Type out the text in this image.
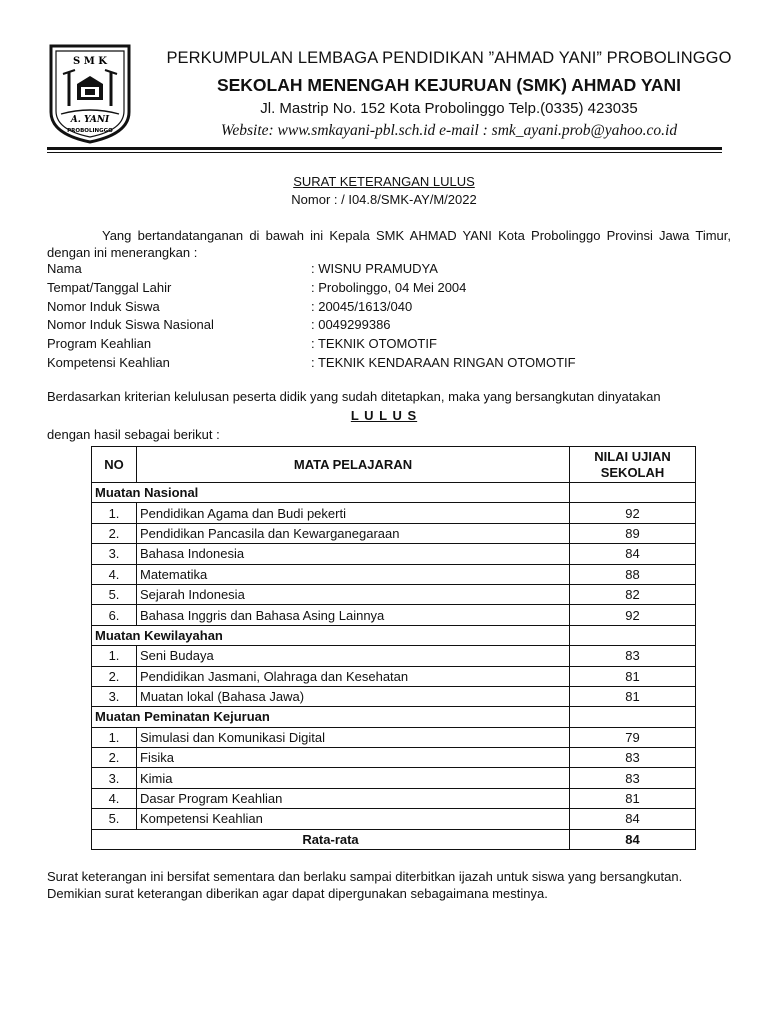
S M K
A. YANI
PROBOLINGGO
PERKUMPULAN LEMBAGA PENDIDIKAN ”AHMAD YANI” PROBOLINGGO
SEKOLAH MENENGAH KEJURUAN (SMK) AHMAD YANI
Jl. Mastrip No. 152 Kota Probolinggo Telp.(0335) 423035
Website: www.smkayani-pbl.sch.id e-mail : smk_ayani.prob@yahoo.co.id
SURAT KETERANGAN LULUS
Nomor : / I04.8/SMK-AY/M/2022
Yang bertandatanganan di bawah ini Kepala SMK AHMAD YANI Kota Probolinggo Provinsi Jawa Timur, dengan ini menerangkan :
Nama	: WISNU PRAMUDYA
Tempat/Tanggal Lahir	: Probolinggo, 04 Mei 2004
Nomor Induk Siswa	: 20045/1613/040
Nomor Induk Siswa Nasional	: 0049299386
Program Keahlian	: TEKNIK OTOMOTIF
Kompetensi Keahlian	: TEKNIK KENDARAAN RINGAN OTOMOTIF
Berdasarkan kriterian kelulusan peserta didik yang sudah ditetapkan, maka yang bersangkutan dinyatakan
L U L U S
dengan hasil sebagai berikut :
NO	MATA PELAJARAN	NILAI UJIAN
SEKOLAH
Muatan Nasional		
1.	Pendidikan Agama dan Budi pekerti	92
2.	Pendidikan Pancasila dan Kewarganegaraan	89
3.	Bahasa Indonesia	84
4.	Matematika	88
5.	Sejarah Indonesia	82
6.	Bahasa Inggris dan Bahasa Asing Lainnya	92
Muatan Kewilayahan		
1.	Seni Budaya	83
2.	Pendidikan Jasmani, Olahraga dan Kesehatan	81
3.	Muatan lokal (Bahasa Jawa)	81
Muatan Peminatan Kejuruan		
1.	Simulasi dan Komunikasi Digital	79
2.	Fisika	83
3.	Kimia	83
4.	Dasar Program Keahlian	81
5.	Kompetensi Keahlian	84
Rata-rata		84
Surat keterangan ini bersifat sementara dan berlaku sampai diterbitkan ijazah untuk siswa yang bersangkutan.
Demikian surat keterangan diberikan agar dapat dipergunakan sebagaimana mestinya.
